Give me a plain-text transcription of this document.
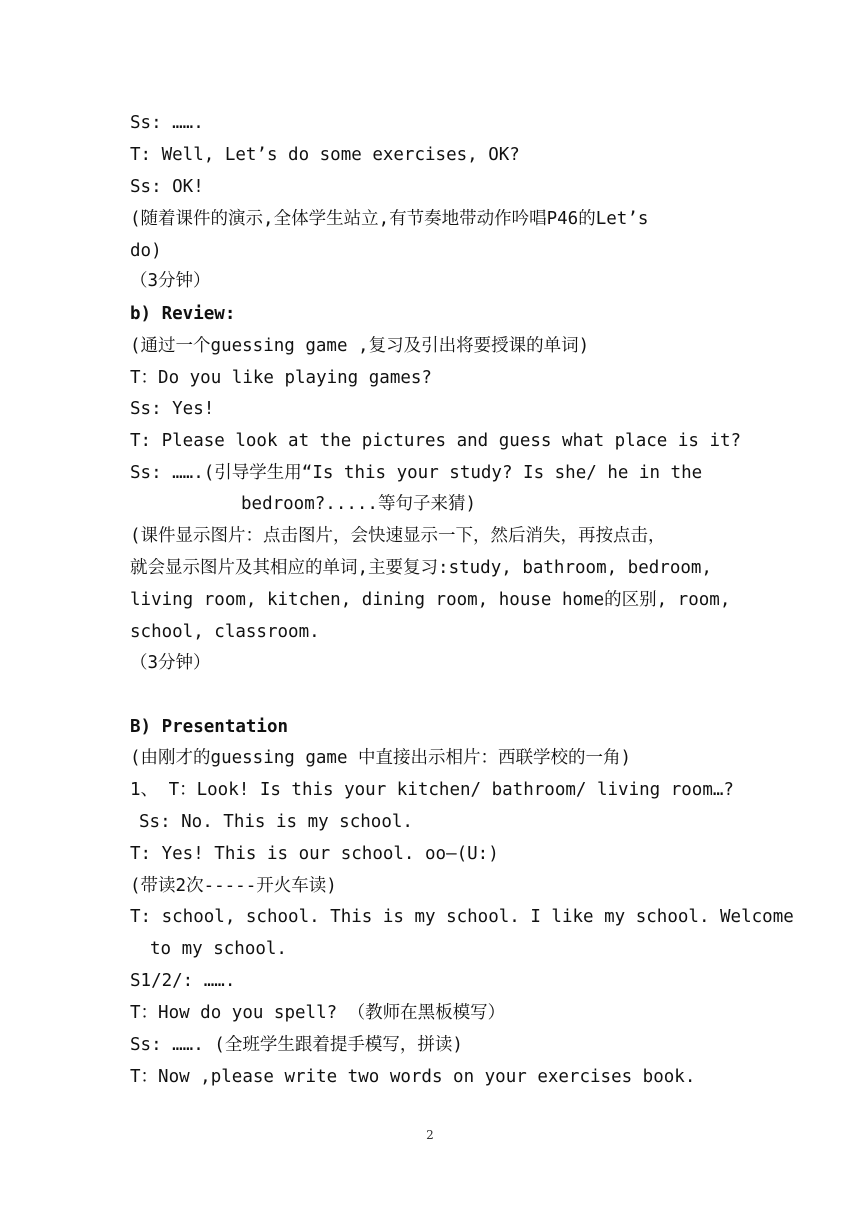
Ss: …….
T: Well, Let’s do some exercises, OK?
Ss: OK!
(随着课件的演示,全体学生站立,有节奏地带动作吟唱P46的Let’s
do)
（3分钟）
b) Review:
(通过一个guessing game ,复习及引出将要授课的单词)
T：Do you like playing games?
Ss: Yes!
T: Please look at the pictures and guess what place is it?
Ss: …….(引导学生用“Is this your study? Is she/ he in the
bedroom?.....等句子来猜)
(课件显示图片：点击图片，会快速显示一下，然后消失，再按点击，
就会显示图片及其相应的单词,主要复习:study, bathroom, bedroom,
living room, kitchen, dining room, house home的区别, room,
school, classroom.
（3分钟）
B) Presentation
(由刚才的guessing game 中直接出示相片：西联学校的一角)
1、 T：Look! Is this your kitchen/ bathroom/ living room…?
Ss: No. This is my school.
T: Yes! This is our school. oo—(U:)
(带读2次-----开火车读)
T: school, school. This is my school. I like my school. Welcome
to my school.
S1/2/: …….
T：How do you spell? （教师在黑板模写）
Ss: ……. (全班学生跟着提手模写，拼读)
T：Now ,please write two words on your exercises book.
2
